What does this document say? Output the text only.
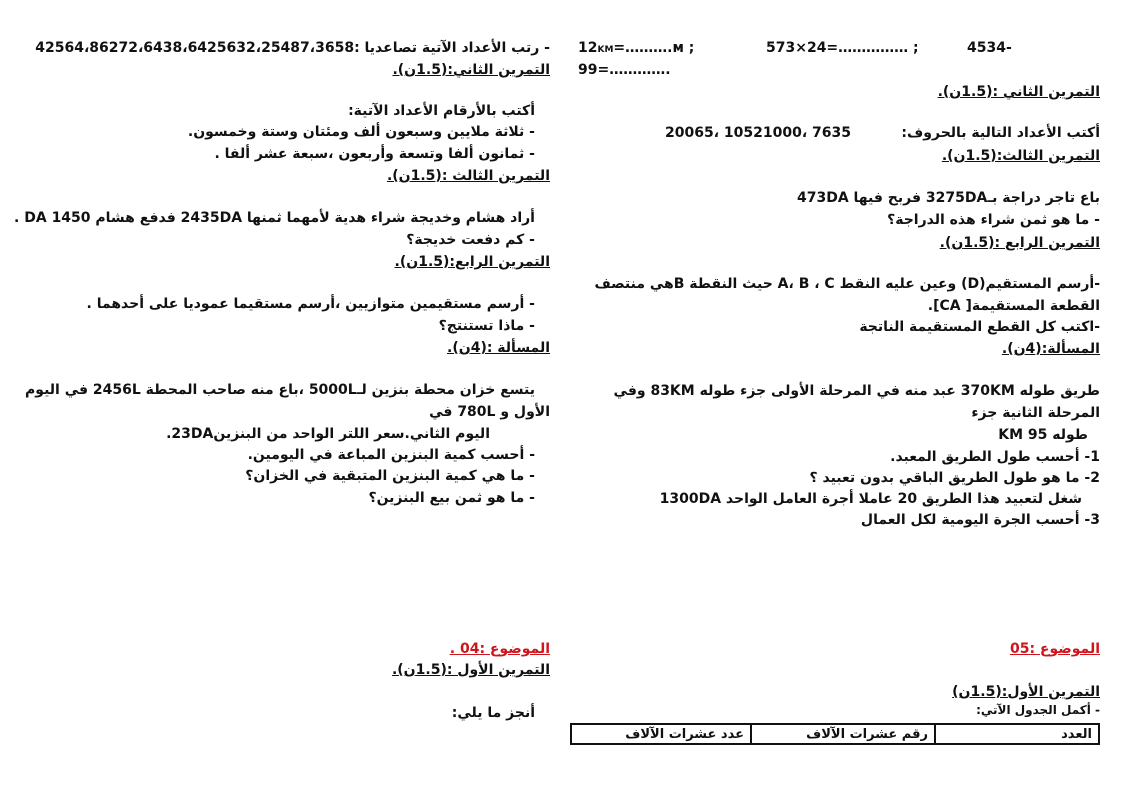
12KM=……….м ;	573×24=…………… ;	4534-
99=………….
التمرين الثاني :(1.5ن).
أكتب الأعداد التالية بالحروف:
20065، 10521000، 7635
التمرين الثالث:(1.5ن).
باع تاجر دراجة بـ3275DA فربح فيها 473DA
- ما هو ثمن شراء هذه الدراجة؟
التمرين الرابع :(1.5ن).
-أرسم المستقيم(D) وعين عليه النقط A، B ، C حيث النقطة Bهي منتصف
القطعة المستقيمة[ CA].
-اكتب كل القطع المستقيمة الناتجة
المسألة:(4ن).
طريق طوله 370KM عبد منه في المرحلة الأولى جزء طوله 83KM وفي
المرحلة الثانية جزء
طوله 95 KM
1- أحسب طول الطريق المعبد.
2- ما هو طول الطريق الباقي بدون تعبيد ؟
شغل لتعبيد هذا الطريق 20 عاملا أجرة العامل الواحد 1300DA
3- أحسب الجرة اليومية لكل العمال
الموضوع :05
التمرين الأول:(1.5ن)
- أكمل الجدول الآتي:
العدد	رقم عشرات الآلاف	عدد عشرات الآلاف
- رتب الأعداد الآتية تصاعديا :42564،86272،6438،6425632،25487،3658
التمرين الثاني:(1.5ن).
أكتب بالأرقام الأعداد الآتية:
- ثلاثة ملايين وسبعون ألف ومئتان وستة وخمسون.
- ثمانون ألفا وتسعة وأربعون ،سبعة عشر ألفا .
التمرين الثالث :(1.5ن).
أراد هشام وخديجة شراء هدية لأمهما ثمنها 2435DA فدفع هشام 1450 DA .
- كم دفعت خديجة؟
التمرين الرابع:(1.5ن).
- أرسم مستقيمين متوازيين ،أرسم مستقيما عموديا على أحدهما .
- ماذا تستنتج؟
المسألة :(4ن).
يتسع خزان محطة بنزين لـ5000L ،باع منه صاحب المحطة 2456L في اليوم
الأول و 780L في
اليوم الثاني.سعر اللتر الواحد من البنزين23DA.
- أحسب كمية البنزين المباعة في اليومين.
- ما هي كمية البنزين المتبقية في الخزان؟
- ما هو ثمن بيع البنزين؟
الموضوع :04 .
التمرين الأول :(1.5ن).
أنجز ما يلي:
